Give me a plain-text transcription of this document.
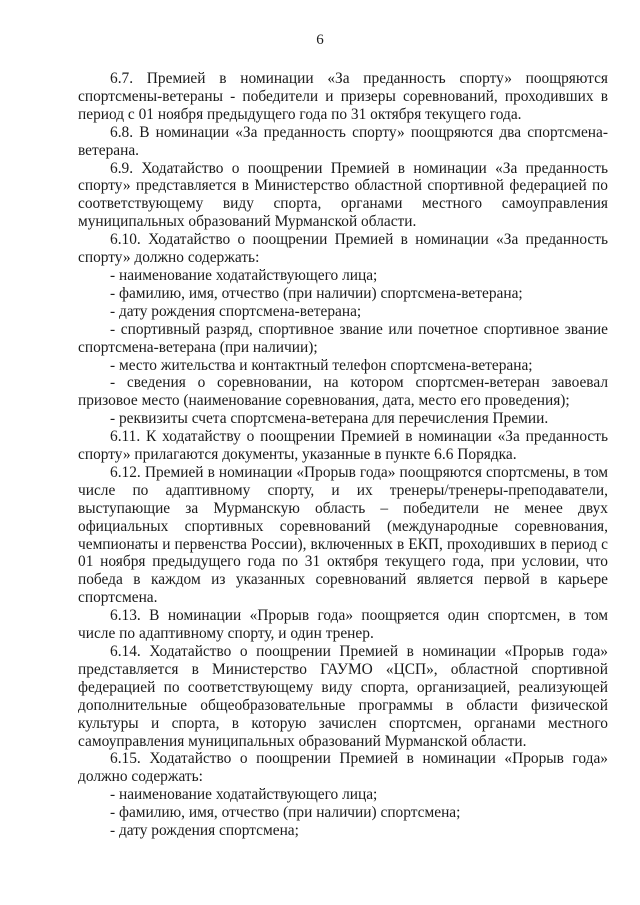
6

6.7. Премией в номинации «За преданность спорту» поощряются спортсмены-ветераны - победители и призеры соревнований, проходивших в период с 01 ноября предыдущего года по 31 октября текущего года.

6.8. В номинации «За преданность спорту» поощряются два спортсмена-ветерана.

6.9. Ходатайство о поощрении Премией в номинации «За преданность спорту» представляется в Министерство областной спортивной федерацией по соответствующему виду спорта, органами местного самоуправления муниципальных образований Мурманской области.

6.10. Ходатайство о поощрении Премией в номинации «За преданность спорту» должно содержать:

- наименование ходатайствующего лица;

- фамилию, имя, отчество (при наличии) спортсмена-ветерана;

- дату рождения спортсмена-ветерана;

- спортивный разряд, спортивное звание или почетное спортивное звание спортсмена-ветерана (при наличии);

- место жительства и контактный телефон спортсмена-ветерана;

- сведения о соревновании, на котором спортсмен-ветеран завоевал призовое место (наименование соревнования, дата, место его проведения);

- реквизиты счета спортсмена-ветерана для перечисления Премии.

6.11. К ходатайству о поощрении Премией в номинации «За преданность спорту» прилагаются документы, указанные в пункте 6.6 Порядка.

6.12. Премией в номинации «Прорыв года» поощряются спортсмены, в том числе по адаптивному спорту, и их тренеры/тренеры-преподаватели, выступающие за Мурманскую область – победители не менее двух официальных спортивных соревнований (международные соревнования, чемпионаты и первенства России), включенных в ЕКП, проходивших в период с 01 ноября предыдущего года по 31 октября текущего года, при условии, что победа в каждом из указанных соревнований является первой в карьере спортсмена.

6.13. В номинации «Прорыв года» поощряется один спортсмен, в том числе по адаптивному спорту, и один тренер.

6.14. Ходатайство о поощрении Премией в номинации «Прорыв года» представляется в Министерство ГАУМО «ЦСП», областной спортивной федерацией по соответствующему виду спорта, организацией, реализующей дополнительные общеобразовательные программы в области физической культуры и спорта, в которую зачислен спортсмен, органами местного самоуправления муниципальных образований Мурманской области.

6.15. Ходатайство о поощрении Премией в номинации «Прорыв года» должно содержать:

- наименование ходатайствующего лица;

- фамилию, имя, отчество (при наличии) спортсмена;

- дату рождения спортсмена;
